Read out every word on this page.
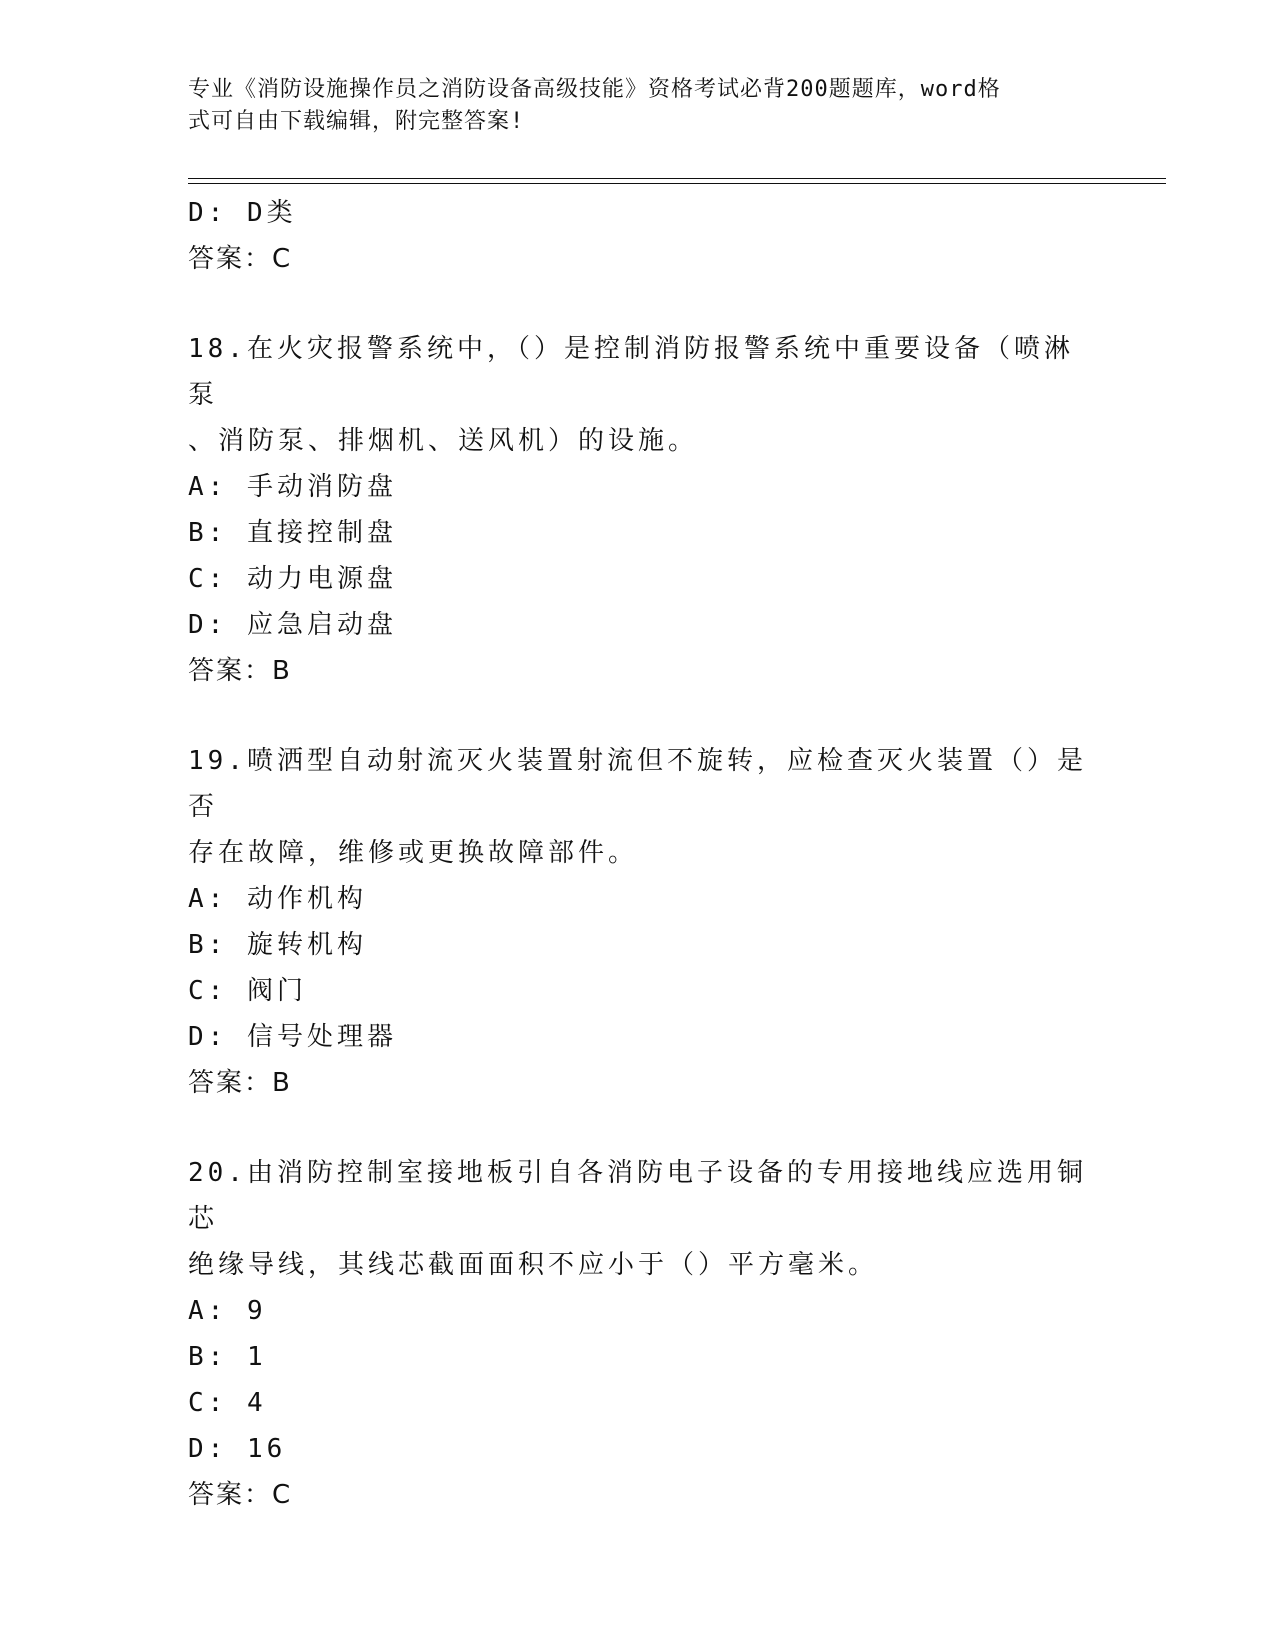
专业《消防设施操作员之消防设备高级技能》资格考试必背200题题库，word格
式可自由下载编辑，附完整答案!
D: D类
答案：C
18.在火灾报警系统中，（）是控制消防报警系统中重要设备（喷淋泵
、消防泵、排烟机、送风机）的设施。
A: 手动消防盘
B: 直接控制盘
C: 动力电源盘
D: 应急启动盘
答案：B
19.喷洒型自动射流灭火装置射流但不旋转，应检查灭火装置（）是否
存在故障，维修或更换故障部件。
A: 动作机构
B: 旋转机构
C: 阀门
D: 信号处理器
答案：B
20.由消防控制室接地板引自各消防电子设备的专用接地线应选用铜芯
绝缘导线，其线芯截面面积不应小于（）平方毫米。
A: 9
B: 1
C: 4
D: 16
答案：C
